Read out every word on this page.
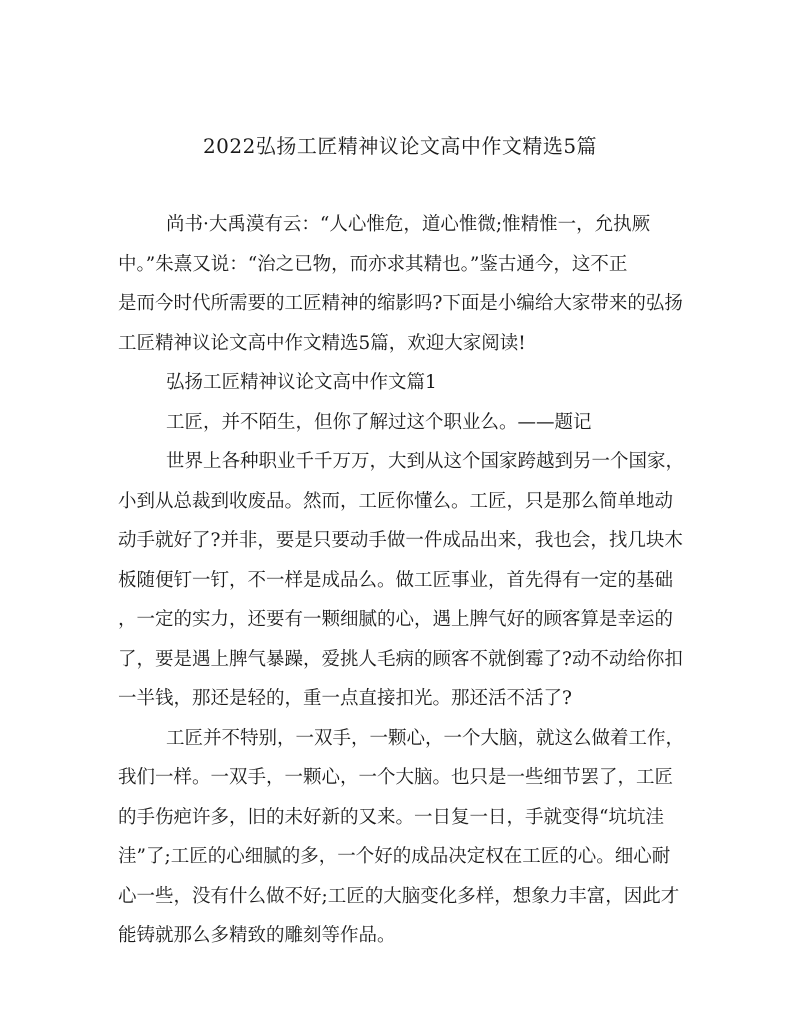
2022弘扬工匠精神议论文高中作文精选5篇
尚书·大禹漠有云：“人心惟危，道心惟微;惟精惟一，允执厥
中。”朱熹又说：“治之已物，而亦求其精也。”鉴古通今，这不正
是而今时代所需要的工匠精神的缩影吗?下面是小编给大家带来的弘扬
工匠精神议论文高中作文精选5篇，欢迎大家阅读!
弘扬工匠精神议论文高中作文篇1
工匠，并不陌生，但你了解过这个职业么。——题记
世界上各种职业千千万万，大到从这个国家跨越到另一个国家，
小到从总裁到收废品。然而，工匠你懂么。工匠，只是那么简单地动
动手就好了?并非，要是只要动手做一件成品出来，我也会，找几块木
板随便钉一钉，不一样是成品么。做工匠事业，首先得有一定的基础
，一定的实力，还要有一颗细腻的心，遇上脾气好的顾客算是幸运的
了，要是遇上脾气暴躁，爱挑人毛病的顾客不就倒霉了?动不动给你扣
一半钱，那还是轻的，重一点直接扣光。那还活不活了?
工匠并不特别，一双手，一颗心，一个大脑，就这么做着工作，
我们一样。一双手，一颗心，一个大脑。也只是一些细节罢了，工匠
的手伤疤许多，旧的未好新的又来。一日复一日，手就变得“坑坑洼
洼”了;工匠的心细腻的多，一个好的成品决定权在工匠的心。细心耐
心一些，没有什么做不好;工匠的大脑变化多样，想象力丰富，因此才
能铸就那么多精致的雕刻等作品。
